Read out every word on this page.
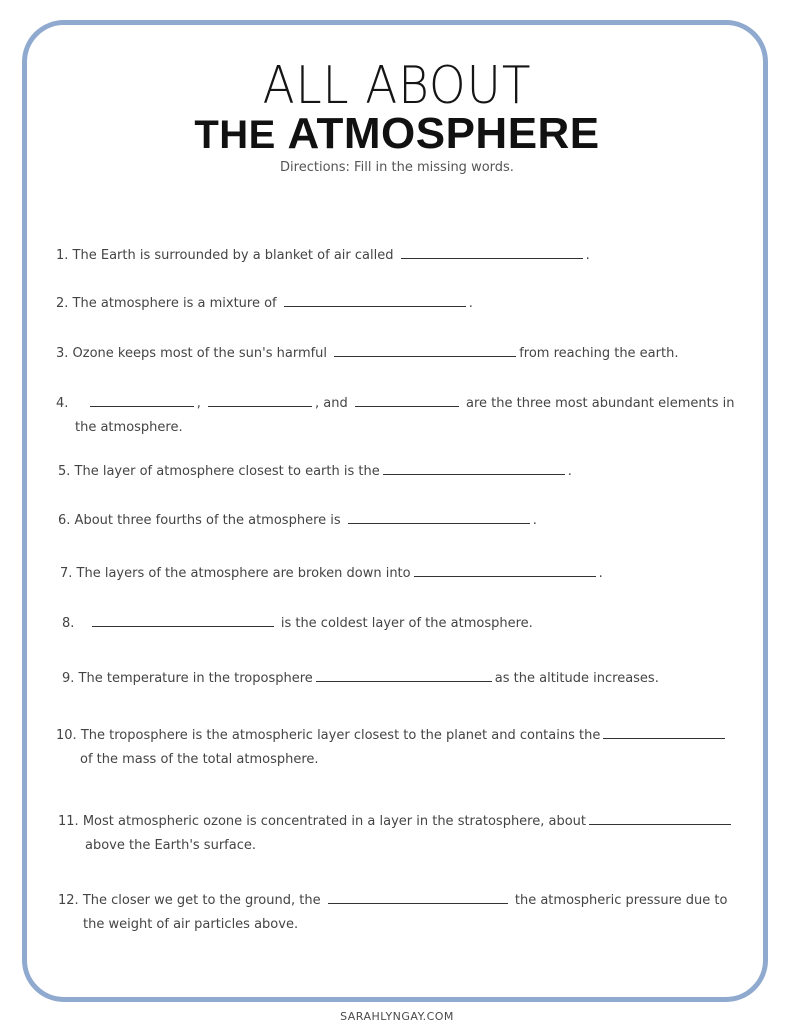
ALL ABOUT
THE ATMOSPHERE
Directions: Fill in the missing words.
1. The Earth is surrounded by a blanket of air called	.
2. The atmosphere is a mixture of	.
3. Ozone keeps most of the sun's harmful	from reaching the earth.
4.	,	, and	are the three most abundant elements in
the atmosphere.
5. The layer of atmosphere closest to earth is the	.
6. About three fourths of the atmosphere is	.
7. The layers of the atmosphere are broken down into	.
8.	is the coldest layer of the atmosphere.
9. The temperature in the troposphere	as the altitude increases.
10. The troposphere is the atmospheric layer closest to the planet and contains the
of the mass of the total atmosphere.
11. Most atmospheric ozone is concentrated in a layer in the stratosphere, about
above the Earth's surface.
12. The closer we get to the ground, the	the atmospheric pressure due to
the weight of air particles above.
SARAHLYNGAY.COM
